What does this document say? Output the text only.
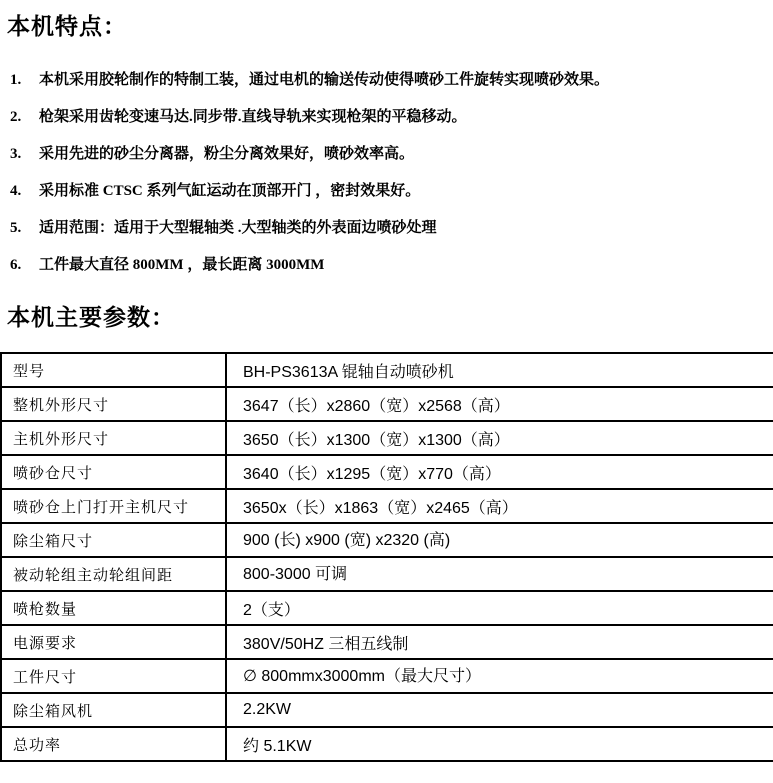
本机特点：
1.	本机采用胶轮制作的特制工装，通过电机的输送传动使得喷砂工件旋转实现喷砂效果。
2.	枪架采用齿轮变速马达.同步带.直线导轨来实现枪架的平稳移动。
3.	采用先进的砂尘分离器，粉尘分离效果好，喷砂效率高。
4.	采用标准 CTSC 系列气缸运动在顶部开门 ，密封效果好。
5.	适用范围：适用于大型辊轴类 .大型轴类的外表面边喷砂处理
6.	工件最大直径 800MM ，最长距离 3000MM
本机主要参数：
型号	BH-PS3613A 锟轴自动喷砂机
整机外形尺寸	3647（长）x2860（宽）x2568（高）
主机外形尺寸	3650（长）x1300（宽）x1300（高）
喷砂仓尺寸	3640（长）x1295（宽）x770（高）
喷砂仓上门打开主机尺寸	3650x（长）x1863（宽）x2465（高）
除尘箱尺寸	900 (长) x900 (宽) x2320 (高)
被动轮组主动轮组间距	800-3000 可调
喷枪数量	2（支）
电源要求	380V/50HZ 三相五线制
工件尺寸	∅ 800mmx3000mm（最大尺寸）
除尘箱风机	2.2KW
总功率	约 5.1KW
